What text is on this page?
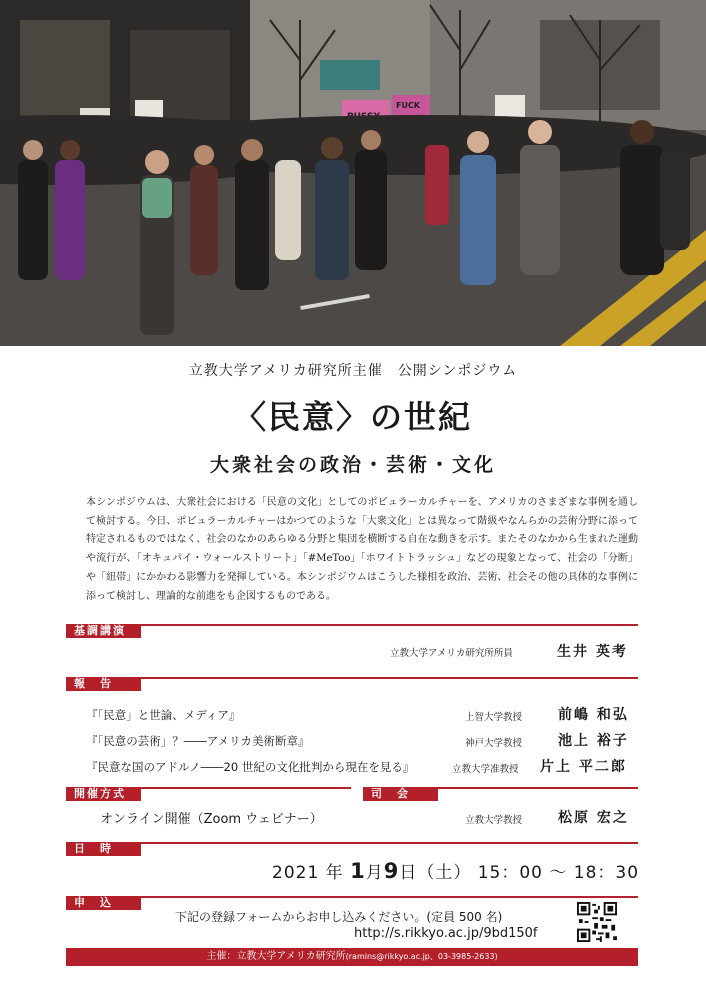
FUCK
立教大学アメリカ研究所主催　公開シンポジウム
〈民意〉の世紀
大衆社会の政治・芸術・文化
本シンポジウムは、大衆社会における「民意の文化」としてのポピュラーカルチャーを、アメリカのさまざまな事例を通して検討する。今日、ポピュラーカルチャーはかつてのような「大衆文化」とは異なって階級やなんらかの芸術分野に添って特定されるものではなく、社会のなかのあらゆる分野と集団を横断する自在な動きを示す。またそのなかから生まれた運動や流行が、「オキュパイ・ウォールストリート」「#MeToo」「ホワイトトラッシュ」などの現象となって、社会の「分断」や「紐帯」にかかわる影響力を発揮している。本シンポジウムはこうした様相を政治、芸術、社会その他の具体的な事例に添って検討し、理論的な前進をも企図するものである。
基調講演
立教大学アメリカ研究所所員	生井 英考
報　告
『「民意」と世論、メディア』	上智大学教授	前嶋 和弘
『「民意の芸術」？――アメリカ美術断章』	神戸大学教授	池上 裕子
『民意な国のアドルノ――20 世紀の文化批判から現在を見る』	立教大学准教授 片上 平二郎
開催方式
オンライン開催（Zoom ウェビナー）
司　会
立教大学教授	松原 宏之
日　時
2021 年 1月9日（土） 15：00 ～ 18：30
申　込
下記の登録フォームからお申し込みください。(定員 500 名)
http://s.rikkyo.ac.jp/9bd150f
主催：立教大学アメリカ研究所(ramins@rikkyo.ac.jp、03-3985-2633)
